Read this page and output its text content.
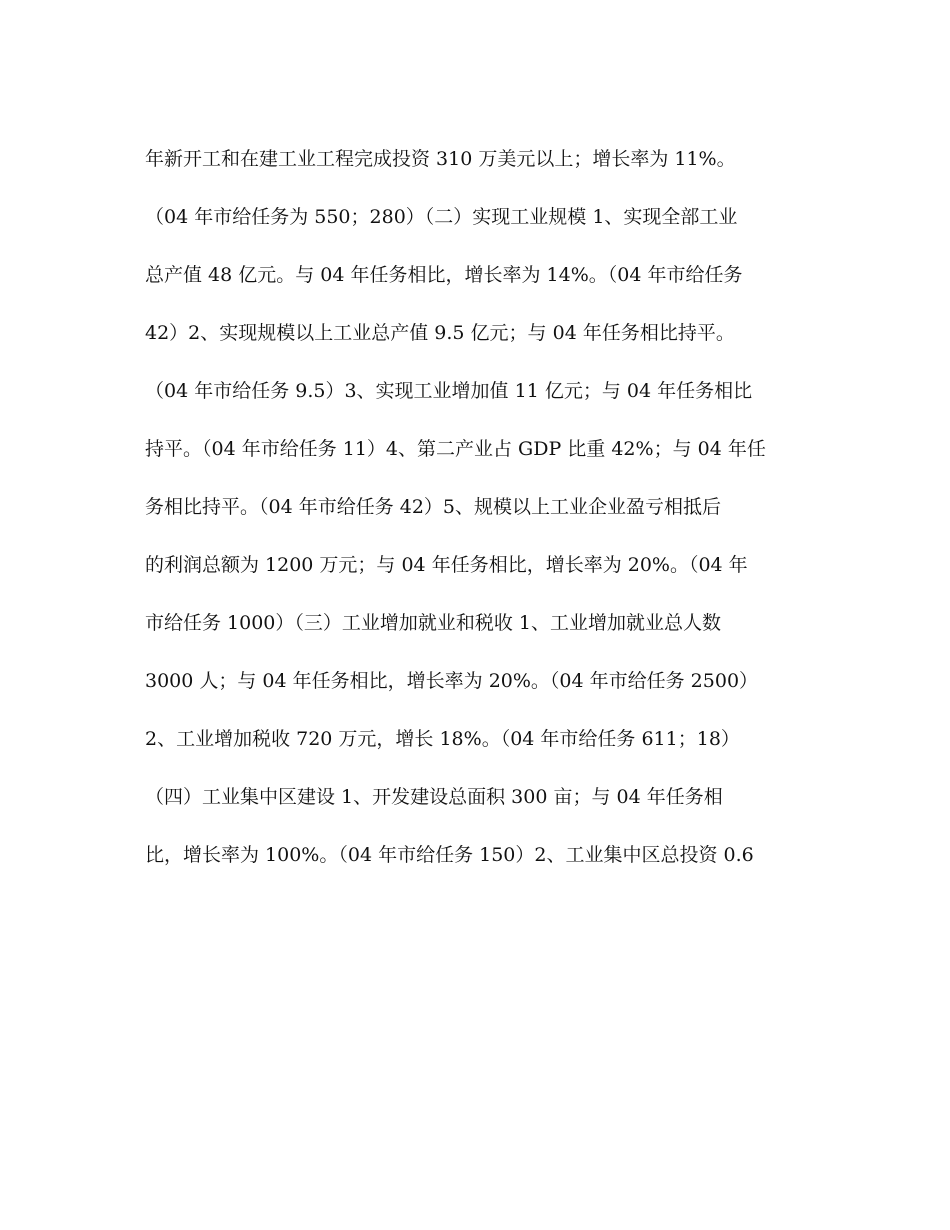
年新开工和在建工业工程完成投资 310 万美元以上；增长率为 11%。
（04 年市给任务为 550；280）（二）实现工业规模 1、实现全部工业
总产值 48 亿元。与 04 年任务相比，增长率为 14%。（04 年市给任务
42）2、实现规模以上工业总产值 9.5 亿元；与 04 年任务相比持平。
（04 年市给任务 9.5）3、实现工业增加值 11 亿元；与 04 年任务相比
持平。（04 年市给任务 11）4、第二产业占 GDP 比重 42%；与 04 年任
务相比持平。（04 年市给任务 42）5、规模以上工业企业盈亏相抵后
的利润总额为 1200 万元；与 04 年任务相比，增长率为 20%。（04 年
市给任务 1000）（三）工业增加就业和税收 1、工业增加就业总人数
3000 人；与 04 年任务相比，增长率为 20%。（04 年市给任务 2500）
2、工业增加税收 720 万元，增长 18%。（04 年市给任务 611；18）
（四）工业集中区建设 1、开发建设总面积 300 亩；与 04 年任务相
比，增长率为 100%。（04 年市给任务 150）2、工业集中区总投资 0.6
